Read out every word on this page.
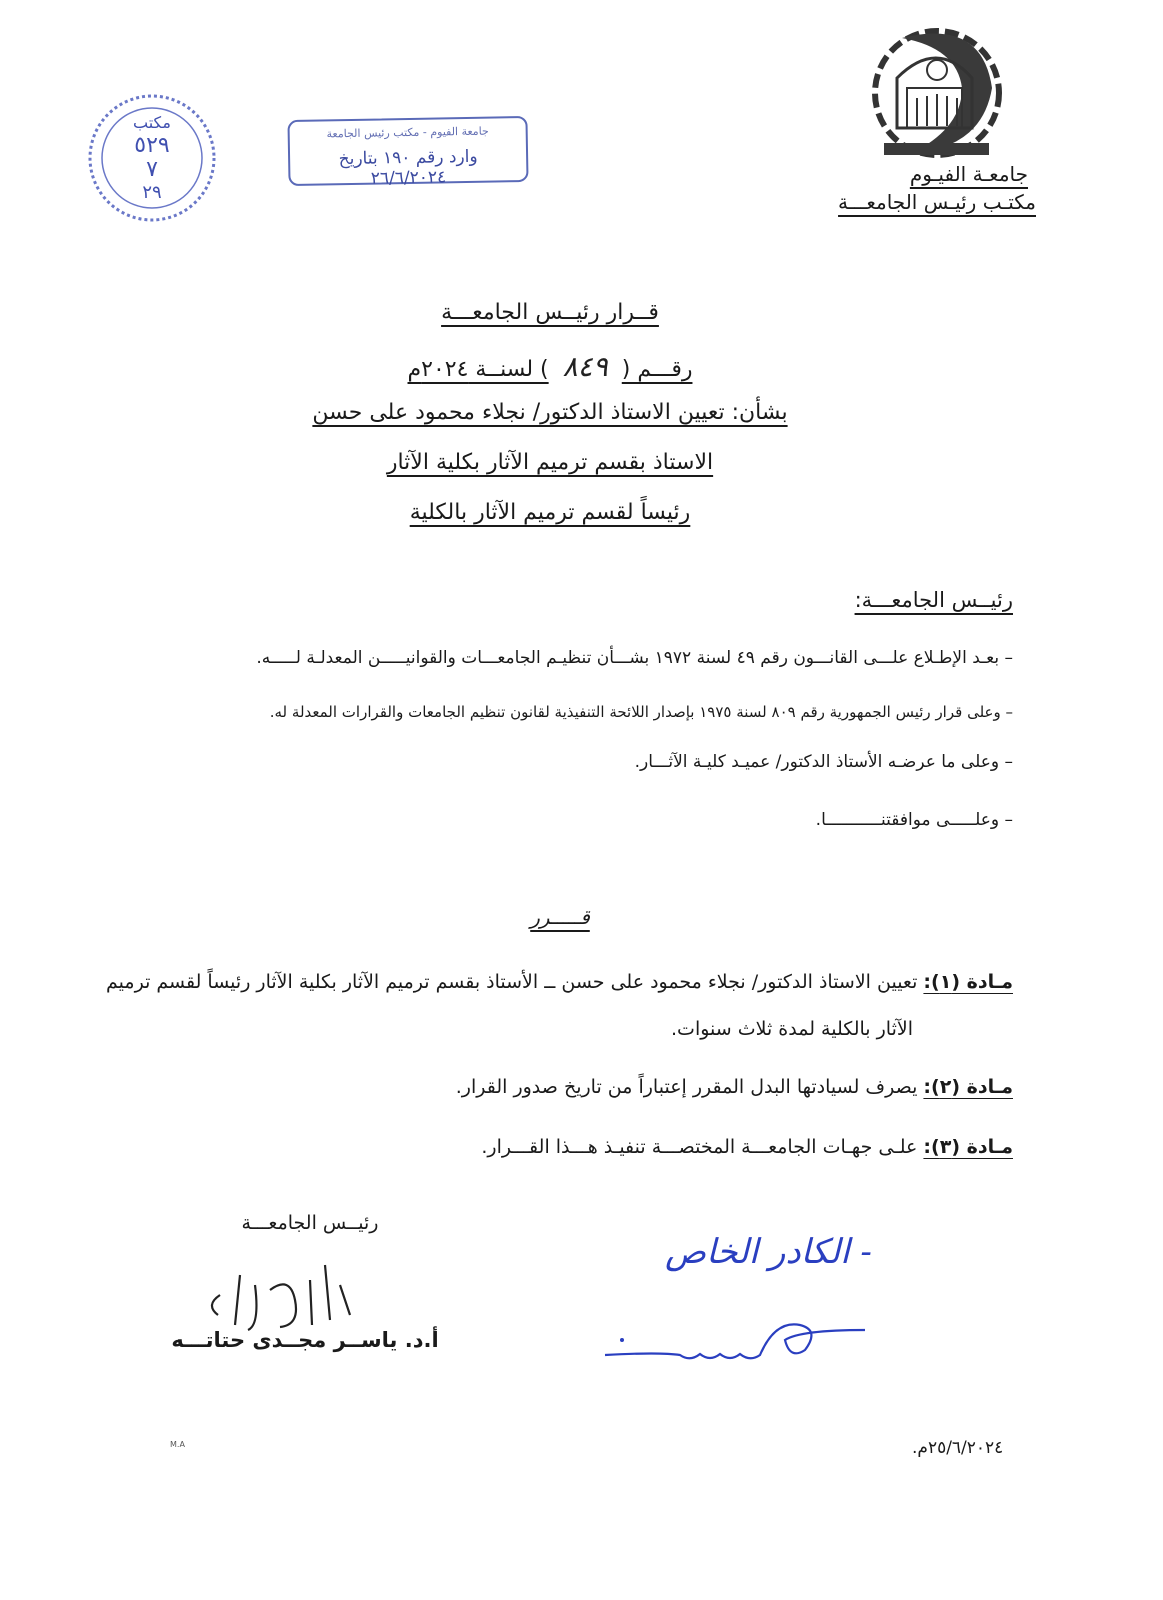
جامعـة الفيـوم
مكتـب رئيـس الجامعـــة
مكتب
٥٢٩
٧
٢٩
جامعة الفيوم - مكتب رئيس الجامعة
وارد رقم ١٩٠ بتاريخ ٢٦/٦/٢٠٢٤
قــرار رئيــس الجامعـــة
رقـــم (٨٤٩) لسنــة ٢٠٢٤م
بشأن: تعيين الاستاذ الدكتور/ نجلاء محمود على حسن
الاستاذ بقسم ترميم الآثار بكلية الآثار
رئيساً لقسم ترميم الآثار بالكلية
رئيــس الجامعـــة:
– بعـد الإطـلاع علـــى القانـــون رقم ٤٩ لسنة ١٩٧٢ بشـــأن تنظيـم الجامعـــات والقوانيـــــن المعدلـة لـــــه.
– وعلى قرار رئيس الجمهورية رقم ٨٠٩ لسنة ١٩٧٥ بإصدار اللائحة التنفيذية لقانون تنظيم الجامعات والقرارات المعدلة له.
– وعلى ما عرضـه الأستاذ الدكتور/ عميـد كليـة الآثـــار.
– وعلـــــى موافقتنـــــــــــا.
قـــــرر
مـادة (١): تعيين الاستاذ الدكتور/ نجلاء محمود على حسن ــ الأستاذ بقسم ترميم الآثار بكلية الآثار رئيساً لقسم ترميم
الآثار بالكلية لمدة ثلاث سنوات.
مـادة (٢): يصرف لسيادتها البدل المقرر إعتباراً من تاريخ صدور القرار.
مـادة (٣): علـى جهـات الجامعـــة المختصـــة تنفيـذ هـــذا القـــرار.
رئيــس الجامعـــة
أ.د. ياســر مجــدى حتاتـــه
- الكادر الخاص
٢٥/٦/٢٠٢٤م.
M.A
